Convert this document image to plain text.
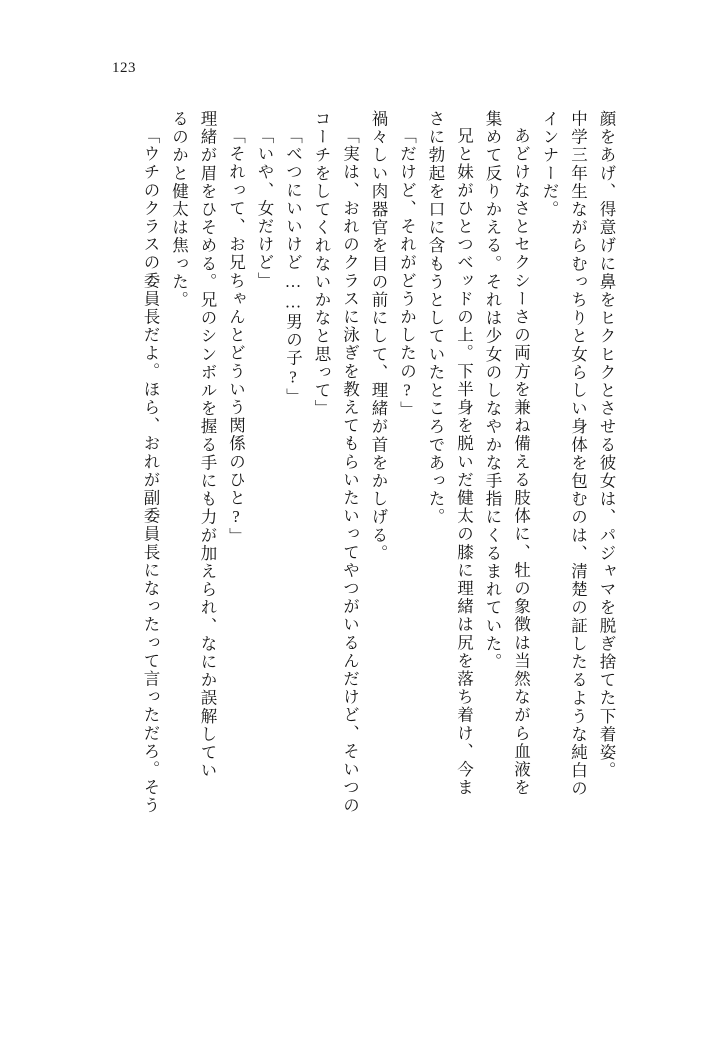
123
顔をあげ、得意げに鼻をヒクヒクとさせる彼女は、パジャマを脱ぎ捨てた下着姿。
中学三年生ながらむっちりと女らしい身体を包むのは、清楚の証したるような純白の
インナーだ。
あどけなさとセクシーさの両方を兼ね備える肢体に、牡の象徴は当然ながら血液を
集めて反りかえる。それは少女のしなやかな手指にくるまれていた。
兄と妹がひとつベッドの上。下半身を脱いだ健太の膝に理緒は尻を落ち着け、今ま
さに勃起を口に含もうとしていたところであった。
「だけど、それがどうかしたの?」
禍々しい肉器官を目の前にして、理緒が首をかしげる。
「実は、おれのクラスに泳ぎを教えてもらいたいってやつがいるんだけど、そいつの
コーチをしてくれないかなと思って」
「べつにいいけど……男の子?」
「いや、女だけど」
「それって、お兄ちゃんとどういう関係のひと?」
理緒が眉をひそめる。兄のシンボルを握る手にも力が加えられ、なにか誤解してい
るのかと健太は焦った。
「ウチのクラスの委員長だよ。ほら、おれが副委員長になったって言っただろ。そう
